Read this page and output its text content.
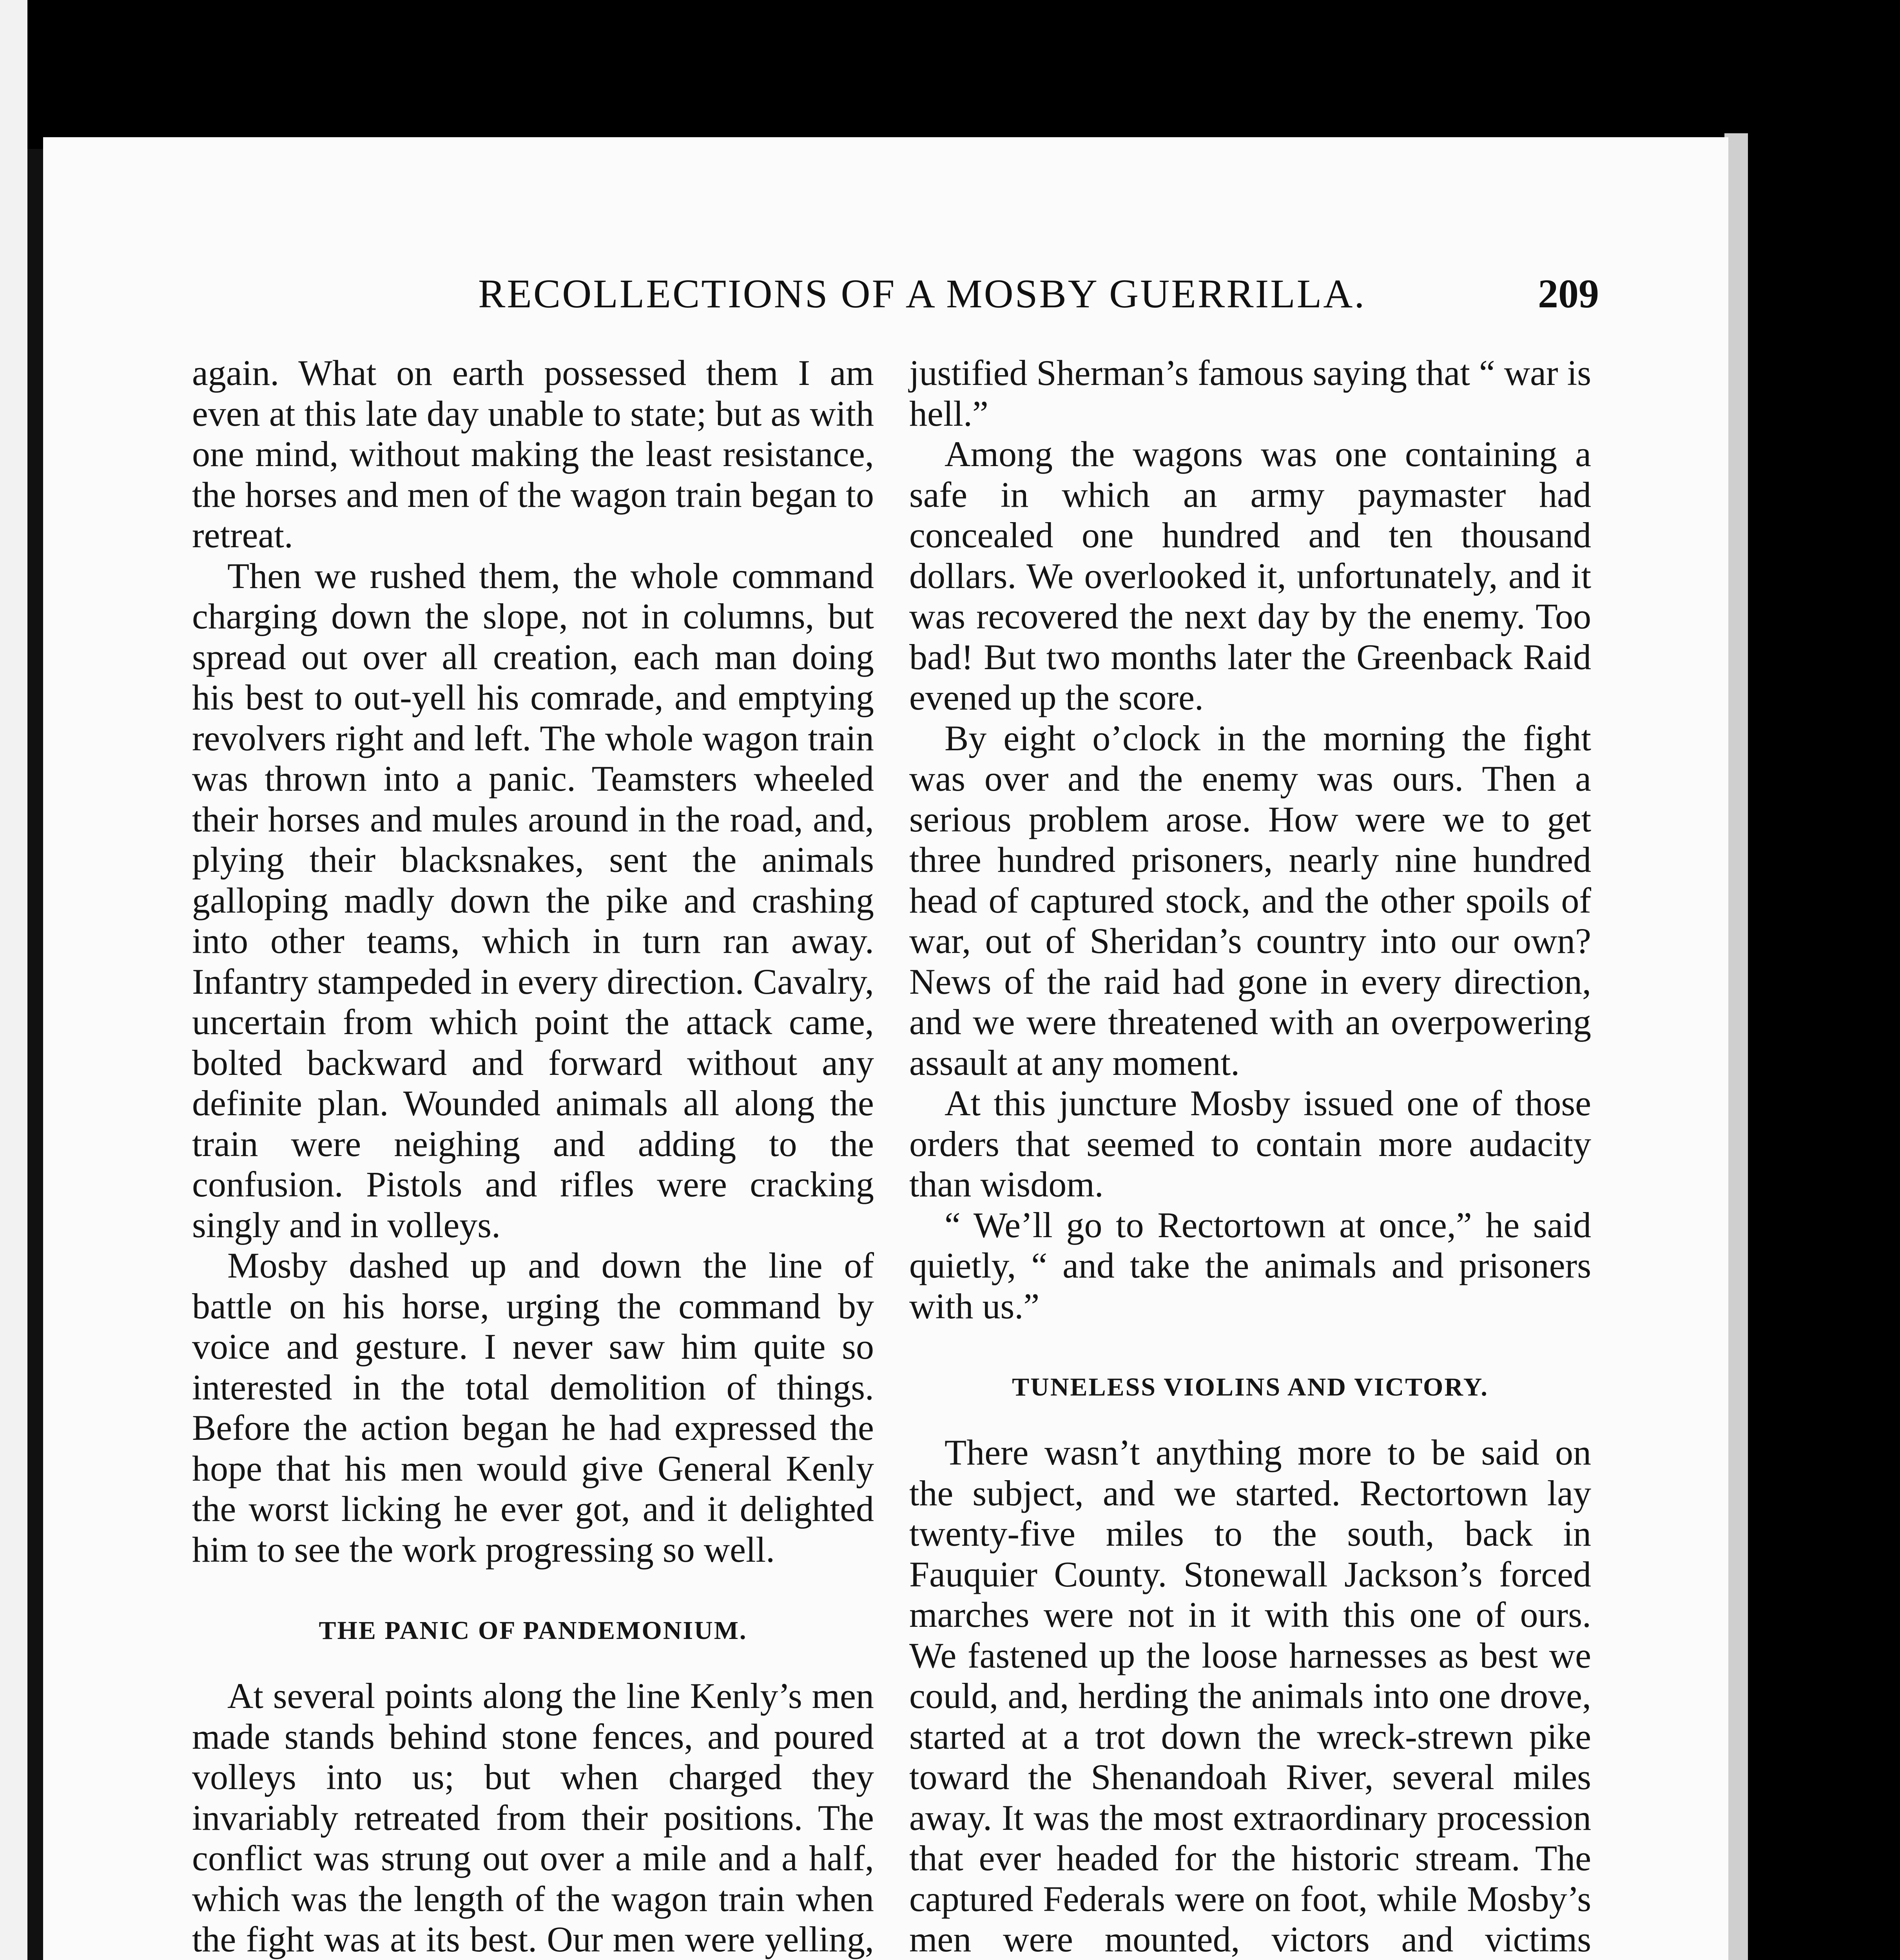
RECOLLECTIONS OF A MOSBY GUERRILLA.	209

again. What on earth possessed them I am even at this late day unable to state; but as with one mind, without making the least resistance, the horses and men of the wagon train began to retreat.

Then we rushed them, the whole command charging down the slope, not in columns, but spread out over all creation, each man doing his best to out-yell his comrade, and emptying revolvers right and left. The whole wagon train was thrown into a panic. Teamsters wheeled their horses and mules around in the road, and, plying their blacksnakes, sent the animals galloping madly down the pike and crashing into other teams, which in turn ran away. Infantry stampeded in every direction. Cavalry, uncertain from which point the attack came, bolted backward and forward without any definite plan. Wounded animals all along the train were neighing and adding to the confusion. Pistols and rifles were cracking singly and in volleys.

Mosby dashed up and down the line of battle on his horse, urging the command by voice and gesture. I never saw him quite so interested in the total demolition of things. Before the action began he had expressed the hope that his men would give General Kenly the worst licking he ever got, and it delighted him to see the work progressing so well.

THE PANIC OF PANDEMONIUM.

At several points along the line Kenly’s men made stands behind stone fences, and poured volleys into us; but when charged they invariably retreated from their positions. The conflict was strung out over a mile and a half, which was the length of the wagon train when the fight was at its best. Our men were yelling,

justified Sherman’s famous saying that “ war is hell.”

Among the wagons was one containing a safe in which an army paymaster had concealed one hundred and ten thousand dollars. We overlooked it, unfortunately, and it was recovered the next day by the enemy. Too bad! But two months later the Greenback Raid evened up the score.

By eight o’clock in the morning the fight was over and the enemy was ours. Then a serious problem arose. How were we to get three hundred prisoners, nearly nine hundred head of captured stock, and the other spoils of war, out of Sheridan’s country into our own? News of the raid had gone in every direction, and we were threatened with an overpowering assault at any moment.

At this juncture Mosby issued one of those orders that seemed to contain more audacity than wisdom.

“ We’ll go to Rectortown at once,” he said quietly, “ and take the animals and prisoners with us.”

TUNELESS VIOLINS AND VICTORY.

There wasn’t anything more to be said on the subject, and we started. Rectortown lay twenty-five miles to the south, back in Fauquier County. Stonewall Jackson’s forced marches were not in it with this one of ours. We fastened up the loose harnesses as best we could, and, herding the animals into one drove, started at a trot down the wreck-strewn pike toward the Shenandoah River, several miles away. It was the most extraordinary procession that ever headed for the historic stream. The captured Federals were on foot, while Mosby’s men were mounted, victors and victims
